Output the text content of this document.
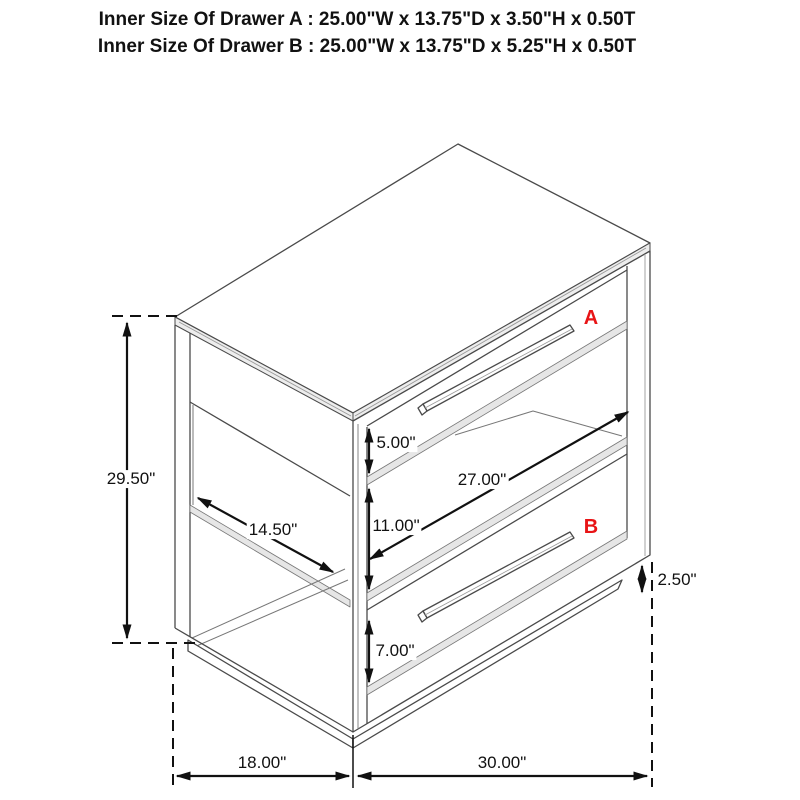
Inner Size Of Drawer A : 25.00"W x 13.75"D x 3.50"H x 0.50T
Inner Size Of Drawer B : 25.00"W x 13.75"D x 5.25"H x 0.50T
29.50"
5.00"
27.00"
14.50"	11.00"
2.50"
7.00"
18.00"	30.00"
A
B
